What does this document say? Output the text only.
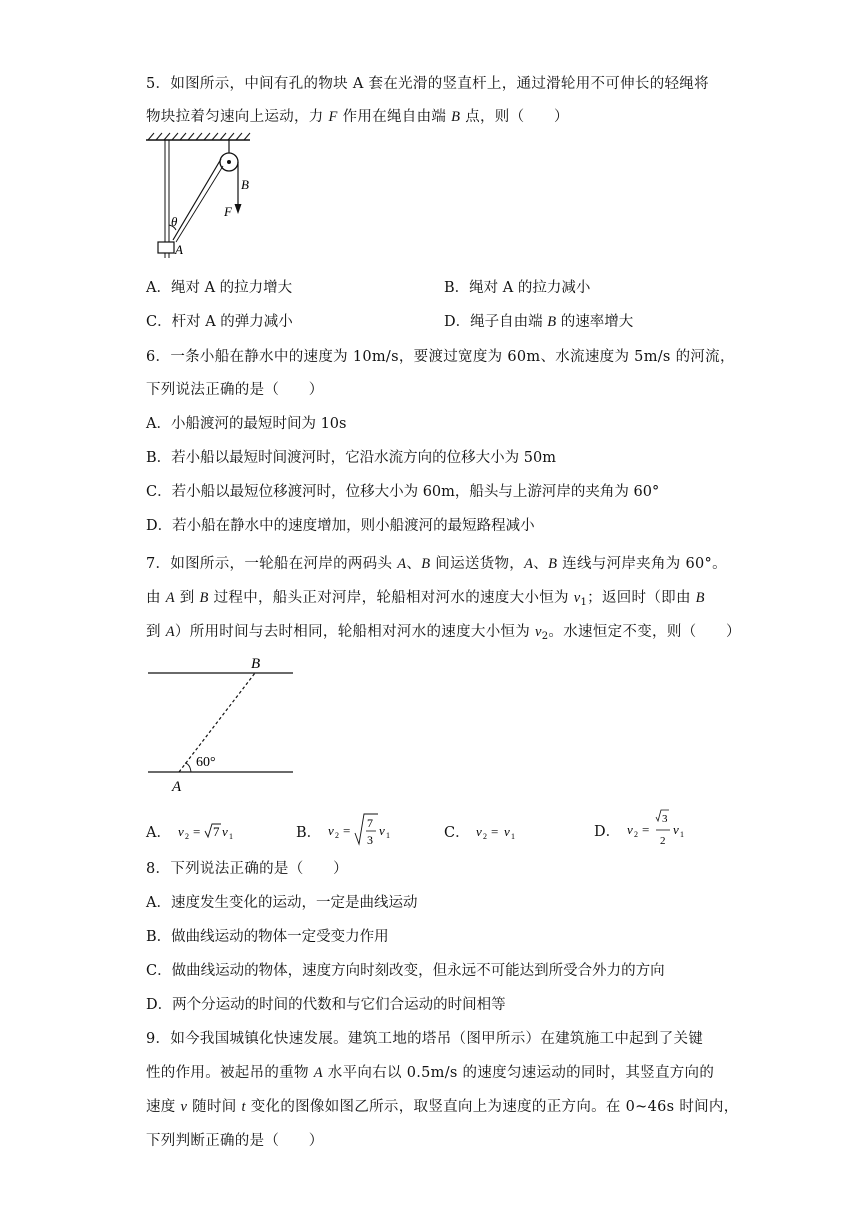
5．如图所示，中间有孔的物块 A 套在光滑的竖直杆上，通过滑轮用不可伸长的轻绳将
物块拉着匀速向上运动，力 F 作用在绳自由端 B 点，则（　　）
θ
A
B
F
A．绳对 A 的拉力增大	B．绳对 A 的拉力减小
C．杆对 A 的弹力减小	D．绳子自由端 B 的速率增大
6．一条小船在静水中的速度为 10m/s，要渡过宽度为 60m、水流速度为 5m/s 的河流，
下列说法正确的是（　　）
A．小船渡河的最短时间为 10s
B．若小船以最短时间渡河时，它沿水流方向的位移大小为 50m
C．若小船以最短位移渡河时，位移大小为 60m，船头与上游河岸的夹角为 60°
D．若小船在静水中的速度增加，则小船渡河的最短路程减小
7．如图所示，一轮船在河岸的两码头 A、B 间运送货物，A、B 连线与河岸夹角为 60°。
由 A 到 B 过程中，船头正对河岸，轮船相对河水的速度大小恒为 $v_1$；返回时（即由 B
到 A）所用时间与去时相同，轮船相对河水的速度大小恒为 $v_2$。水速恒定不变，则（　　）
B
60°
A
A． v 2 = 7 v 1	B． v 2 = 7
3
v 1	C． v 2 = v 1	D． v 2 =
3
2
v 1
8．下列说法正确的是（　　）
A．速度发生变化的运动，一定是曲线运动
B．做曲线运动的物体一定受变力作用
C．做曲线运动的物体，速度方向时刻改变，但永远不可能达到所受合外力的方向
D．两个分运动的时间的代数和与它们合运动的时间相等
9．如今我国城镇化快速发展。建筑工地的塔吊（图甲所示）在建筑施工中起到了关键
性的作用。被起吊的重物 A 水平向右以 0.5m/s 的速度匀速运动的同时，其竖直方向的
速度 v 随时间 t 变化的图像如图乙所示，取竖直向上为速度的正方向。在 0~46s 时间内，
下列判断正确的是（　　）
